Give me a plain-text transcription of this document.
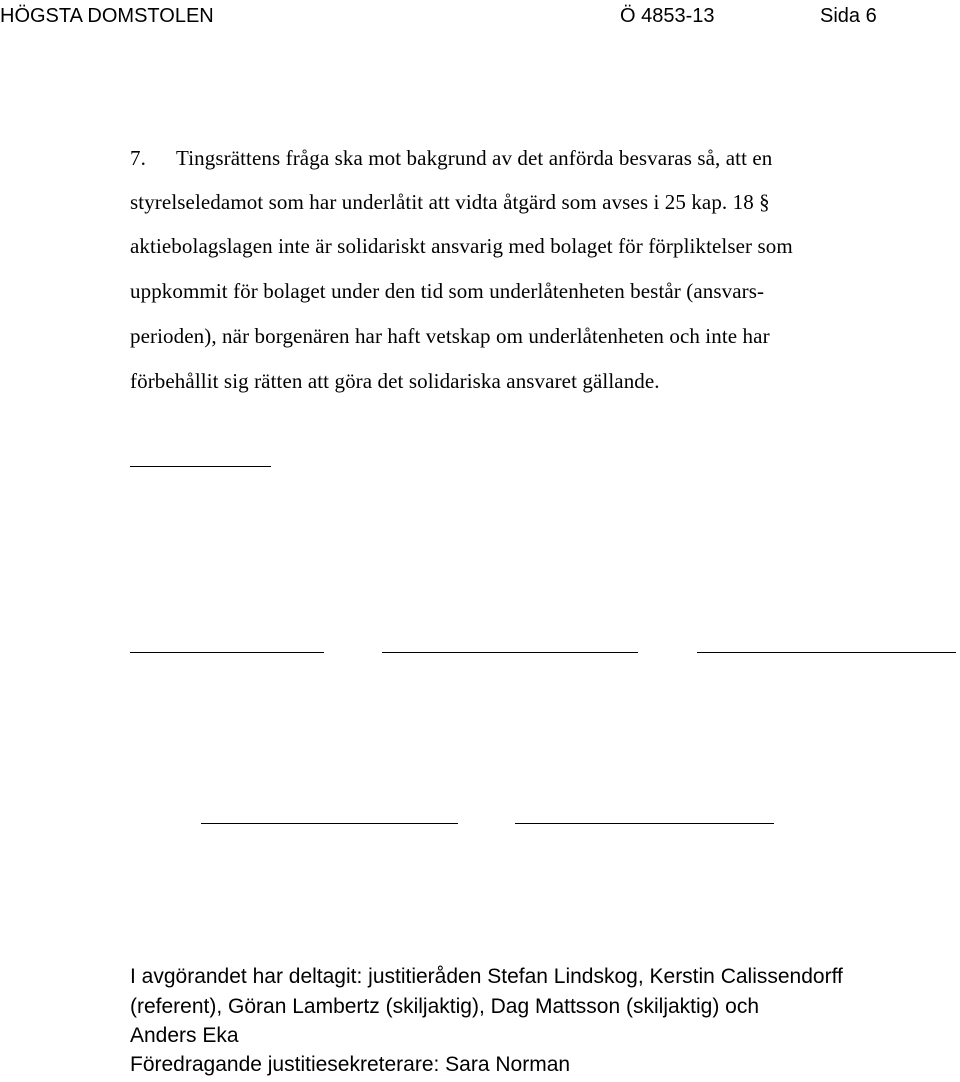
HÖGSTA DOMSTOLEN	Ö 4853-13	Sida 6
7. Tingsrättens fråga ska mot bakgrund av det anförda besvaras så, att en
styrelseledamot som har underlåtit att vidta åtgärd som avses i 25 kap. 18 §
aktiebolagslagen inte är solidariskt ansvarig med bolaget för förpliktelser som
uppkommit för bolaget under den tid som underlåtenheten består (ansvars-
perioden), när borgenären har haft vetskap om underlåtenheten och inte har
förbehållit sig rätten att göra det solidariska ansvaret gällande.
I avgörandet har deltagit: justitieråden Stefan Lindskog, Kerstin Calissendorff
(referent), Göran Lambertz (skiljaktig), Dag Mattsson (skiljaktig) och
Anders Eka
Föredragande justitiesekreterare: Sara Norman
